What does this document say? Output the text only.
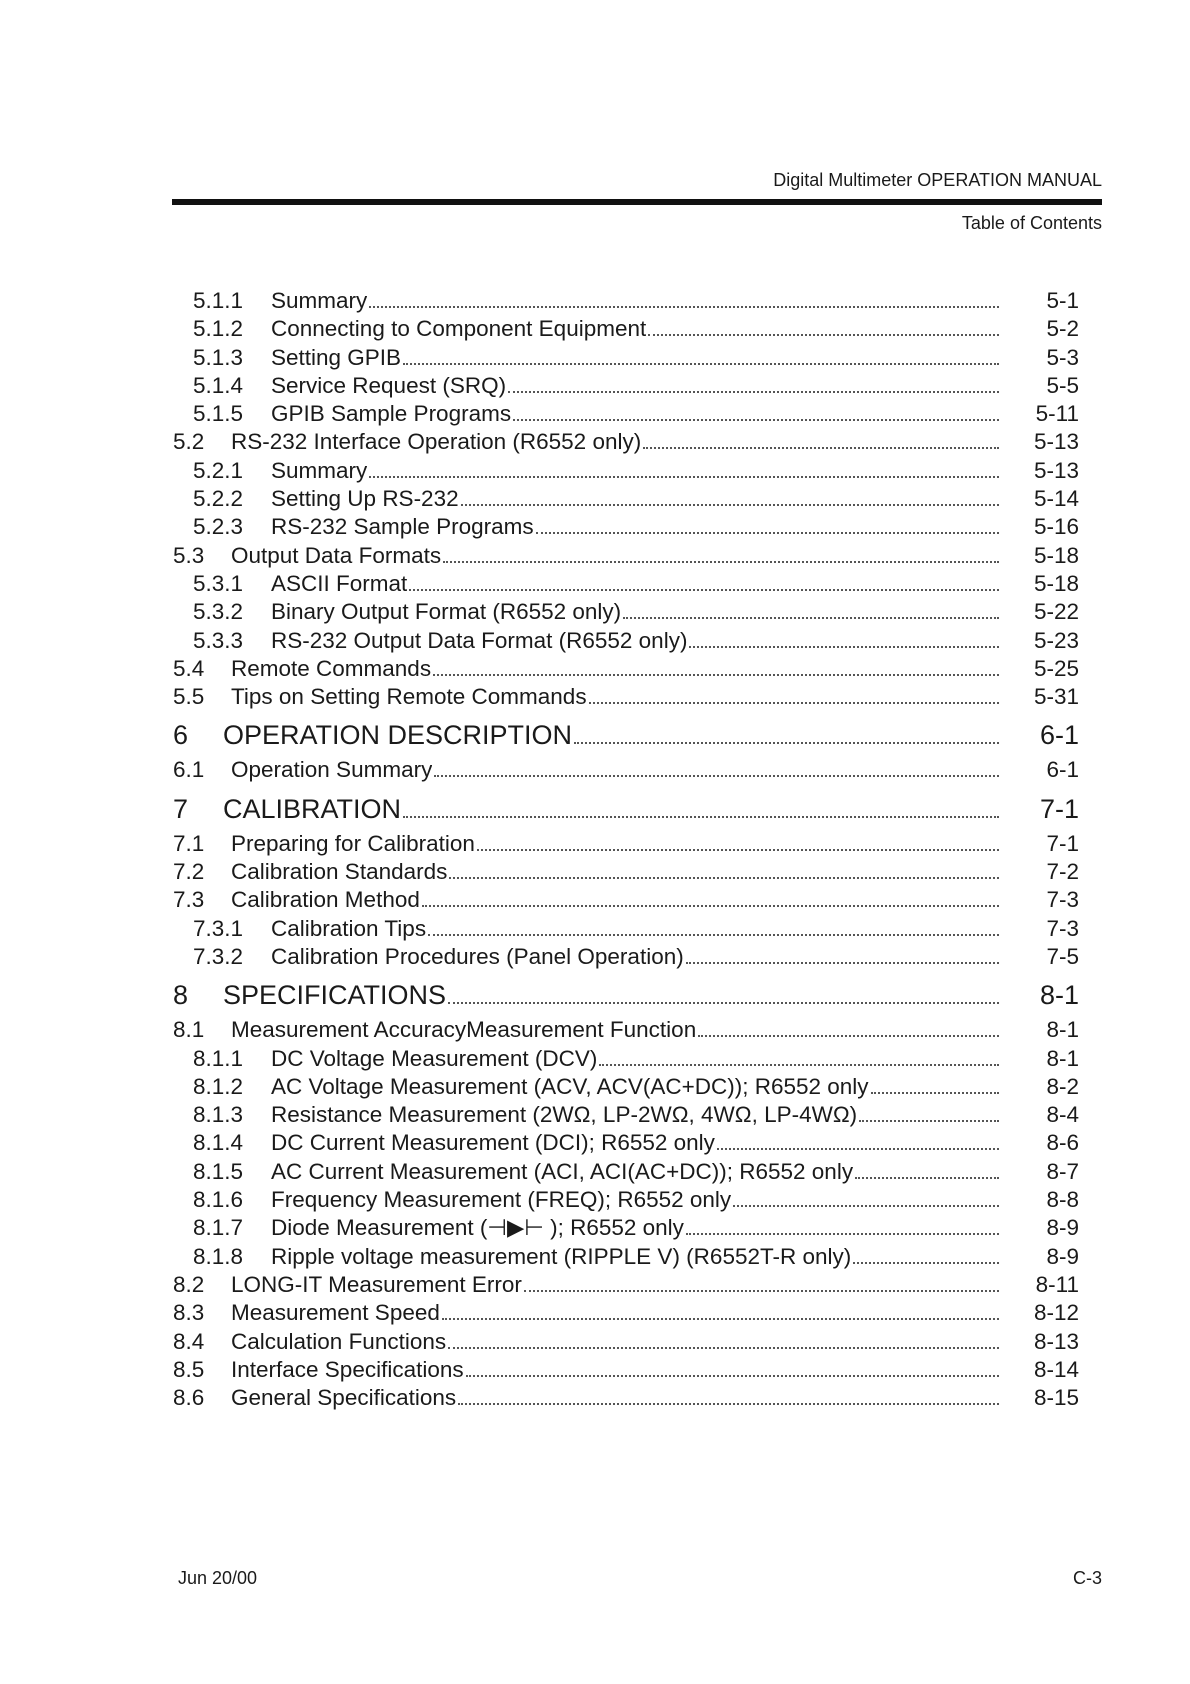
Digital Multimeter OPERATION MANUAL
Table of Contents
5.1.1	Summary	5-1
5.1.2	Connecting to Component Equipment	5-2
5.1.3	Setting GPIB	5-3
5.1.4	Service Request (SRQ)	5-5
5.1.5	GPIB Sample Programs	5-11
5.2	RS-232 Interface Operation (R6552 only)	5-13
5.2.1	Summary	5-13
5.2.2	Setting Up RS-232	5-14
5.2.3	RS-232 Sample Programs	5-16
5.3	Output Data Formats	5-18
5.3.1	ASCII Format	5-18
5.3.2	Binary Output Format (R6552 only)	5-22
5.3.3	RS-232 Output Data Format (R6552 only)	5-23
5.4	Remote Commands	5-25
5.5	Tips on Setting Remote Commands	5-31
6	OPERATION DESCRIPTION	6-1
6.1	Operation Summary	6-1
7	CALIBRATION	7-1
7.1	Preparing for Calibration	7-1
7.2	Calibration Standards	7-2
7.3	Calibration Method	7-3
7.3.1	Calibration Tips	7-3
7.3.2	Calibration Procedures (Panel Operation)	7-5
8	SPECIFICATIONS	8-1
8.1	Measurement AccuracyMeasurement Function	8-1
8.1.1	DC Voltage Measurement (DCV)	8-1
8.1.2	AC Voltage Measurement (ACV, ACV(AC+DC)); R6552 only	8-2
8.1.3	Resistance Measurement (2WΩ, LP-2WΩ, 4WΩ, LP-4WΩ)	8-4
8.1.4	DC Current Measurement (DCI); R6552 only	8-6
8.1.5	AC Current Measurement (ACI, ACI(AC+DC)); R6552 only	8-7
8.1.6	Frequency Measurement (FREQ); R6552 only	8-8
8.1.7	Diode Measurement (⊣▶⊢ ); R6552 only	8-9
8.1.8	Ripple voltage measurement (RIPPLE V) (R6552T-R only)	8-9
8.2	LONG-IT Measurement Error	8-11
8.3	Measurement Speed	8-12
8.4	Calculation Functions	8-13
8.5	Interface Specifications	8-14
8.6	General Specifications	8-15
Jun 20/00	C-3
